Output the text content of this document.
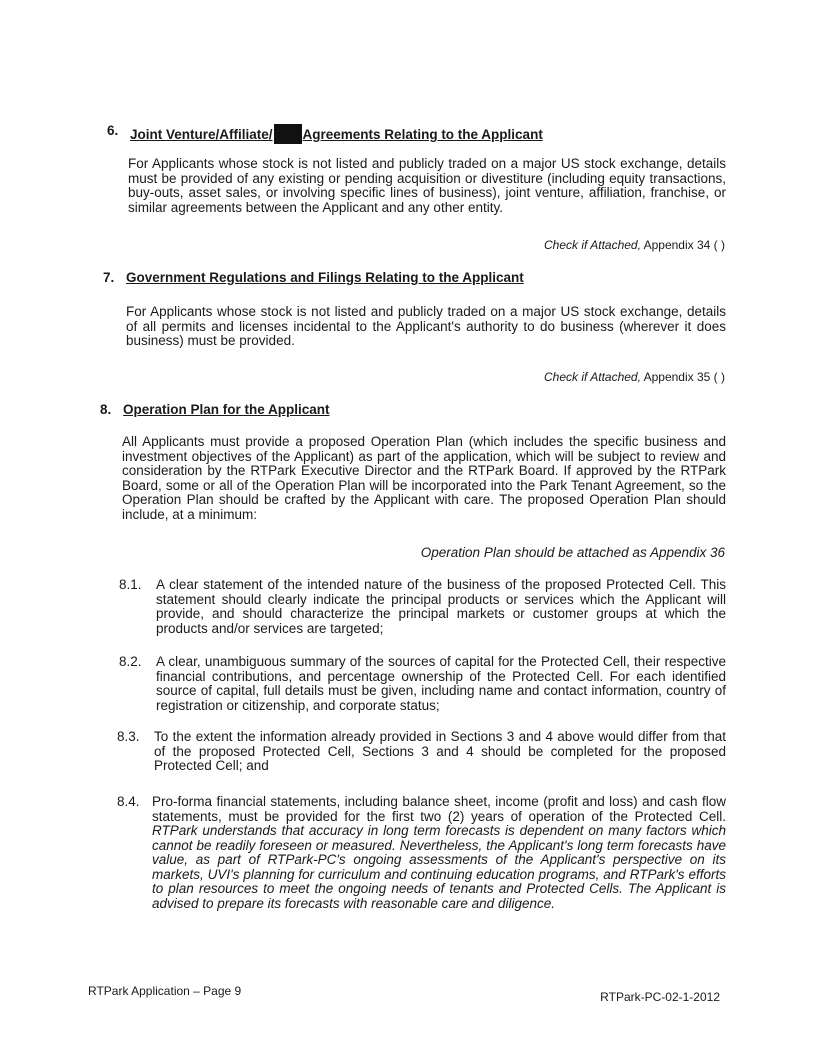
6. Joint Venture/Affiliate/ Agreements Relating to the Applicant
For Applicants whose stock is not listed and publicly traded on a major US stock exchange, details must be provided of any existing or pending acquisition or divestiture (including equity transactions, buy-outs, asset sales, or involving specific lines of business), joint venture, affiliation, franchise, or similar agreements between the Applicant and any other entity.
Check if Attached, Appendix 34 ( )
7. Government Regulations and Filings Relating to the Applicant
For Applicants whose stock is not listed and publicly traded on a major US stock exchange, details of all permits and licenses incidental to the Applicant's authority to do business (wherever it does business) must be provided.
Check if Attached, Appendix 35 ( )
8. Operation Plan for the Applicant
All Applicants must provide a proposed Operation Plan (which includes the specific business and investment objectives of the Applicant) as part of the application, which will be subject to review and consideration by the RTPark Executive Director and the RTPark Board. If approved by the RTPark Board, some or all of the Operation Plan will be incorporated into the Park Tenant Agreement, so the Operation Plan should be crafted by the Applicant with care. The proposed Operation Plan should include, at a minimum:
Operation Plan should be attached as Appendix 36
8.1. A clear statement of the intended nature of the business of the proposed Protected Cell. This statement should clearly indicate the principal products or services which the Applicant will provide, and should characterize the principal markets or customer groups at which the products and/or services are targeted;
8.2. A clear, unambiguous summary of the sources of capital for the Protected Cell, their respective financial contributions, and percentage ownership of the Protected Cell. For each identified source of capital, full details must be given, including name and contact information, country of registration or citizenship, and corporate status;
8.3. To the extent the information already provided in Sections 3 and 4 above would differ from that of the proposed Protected Cell, Sections 3 and 4 should be completed for the proposed Protected Cell; and
8.4. Pro-forma financial statements, including balance sheet, income (profit and loss) and cash flow statements, must be provided for the first two (2) years of operation of the Protected Cell. RTPark understands that accuracy in long term forecasts is dependent on many factors which cannot be readily foreseen or measured. Nevertheless, the Applicant's long term forecasts have value, as part of RTPark-PC's ongoing assessments of the Applicant's perspective on its markets, UVI's planning for curriculum and continuing education programs, and RTPark's efforts to plan resources to meet the ongoing needs of tenants and Protected Cells. The Applicant is advised to prepare its forecasts with reasonable care and diligence.
RTPark Application – Page 9	RTPark-PC-02-1-2012
